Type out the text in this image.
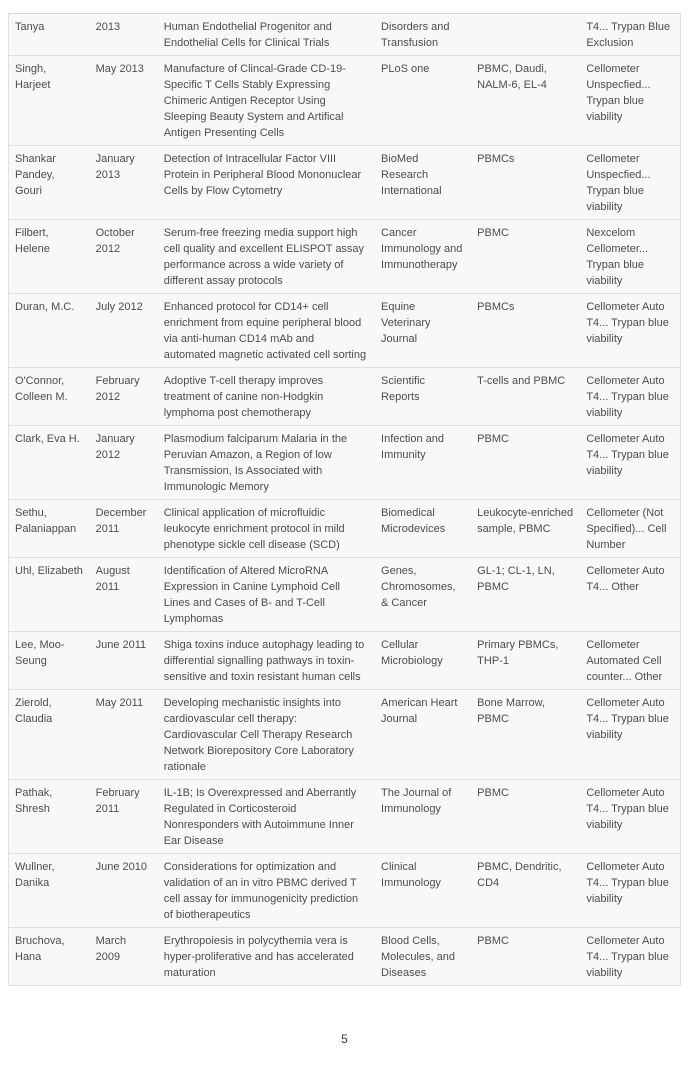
Tanya	2013	Human Endothelial Progenitor and Endothelial Cells for Clinical Trials	Disorders and Transfusion		T4... Trypan Blue Exclusion
Singh, Harjeet	May 2013	Manufacture of Clincal-Grade CD-19-Specific T Cells Stably Expressing Chimeric Antigen Receptor Using Sleeping Beauty System and Artifical Antigen Presenting Cells	PLoS one	PBMC, Daudi, NALM-6, EL-4	Cellometer Unspecfied... Trypan blue viability
Shankar Pandey, Gouri	January 2013	Detection of Intracellular Factor VIII Protein in Peripheral Blood Mononuclear Cells by Flow Cytometry	BioMed Research International	PBMCs	Cellometer Unspecfied... Trypan blue viability
Filbert, Helene	October 2012	Serum-free freezing media support high cell quality and excellent ELISPOT assay performance across a wide variety of different assay protocols	Cancer Immunology and Immunotherapy	PBMC	Nexcelom Cellometer... Trypan blue viability
Duran, M.C.	July 2012	Enhanced protocol for CD14+ cell enrichment from equine peripheral blood via anti-human CD14 mAb and automated magnetic activated cell sorting	Equine Veterinary Journal	PBMCs	Cellometer Auto T4... Trypan blue viability
O'Connor, Colleen M.	February 2012	Adoptive T-cell therapy improves treatment of canine non-Hodgkin lymphoma post chemotherapy	Scientific Reports	T-cells and PBMC	Cellometer Auto T4... Trypan blue viability
Clark, Eva H.	January 2012	Plasmodium falciparum Malaria in the Peruvian Amazon, a Region of low Transmission, Is Associated with Immunologic Memory	Infection and Immunity	PBMC	Cellometer Auto T4... Trypan blue viability
Sethu, Palaniappan	December 2011	Clinical application of microfluidic leukocyte enrichment protocol in mild phenotype sickle cell disease (SCD)	Biomedical Microdevices	Leukocyte-enriched sample, PBMC	Cellometer (Not Specified)... Cell Number
Uhl, Elizabeth	August 2011	Identification of Altered MicroRNA Expression in Canine Lymphoid Cell Lines and Cases of B- and T-Cell Lymphomas	Genes, Chromosomes, & Cancer	GL-1; CL-1, LN, PBMC	Cellometer Auto T4... Other
Lee, Moo-Seung	June 2011	Shiga toxins induce autophagy leading to differential signalling pathways in toxin-sensitive and toxin resistant human cells	Cellular Microbiology	Primary PBMCs, THP-1	Cellometer Automated Cell counter... Other
Zierold, Claudia	May 2011	Developing mechanistic insights into cardiovascular cell therapy: Cardiovascular Cell Therapy Research Network Biorepository Core Laboratory rationale	American Heart Journal	Bone Marrow, PBMC	Cellometer Auto T4... Trypan blue viability
Pathak, Shresh	February 2011	IL-1B; Is Overexpressed and Aberrantly Regulated in Corticosteroid Nonresponders with Autoimmune Inner Ear Disease	The Journal of Immunology	PBMC	Cellometer Auto T4... Trypan blue viability
Wullner, Danika	June 2010	Considerations for optimization and validation of an in vitro PBMC derived T cell assay for immunogenicity prediction of biotherapeutics	Clinical Immunology	PBMC, Dendritic, CD4	Cellometer Auto T4... Trypan blue viability
Bruchova, Hana	March 2009	Erythropoiesis in polycythemia vera is hyper-proliferative and has accelerated maturation	Blood Cells, Molecules, and Diseases	PBMC	Cellometer Auto T4... Trypan blue viability
5
